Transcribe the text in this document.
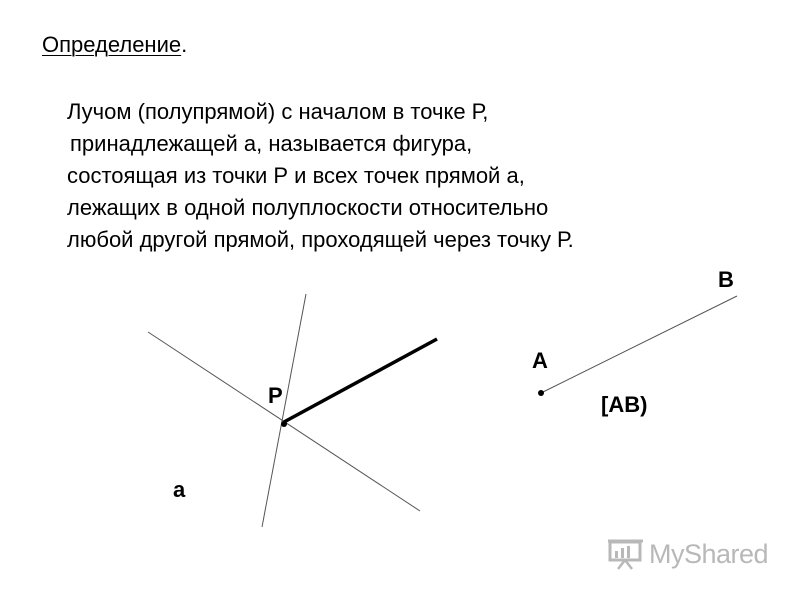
Определение.
Лучом (полупрямой) с началом в точке Р,
принадлежащей а, называется фигура,
состоящая из точки Р и всех точек прямой а,
лежащих в одной полуплоскости относительно
любой другой прямой, проходящей через точку Р.
Р
а
А
В
[АВ)
MyShared
